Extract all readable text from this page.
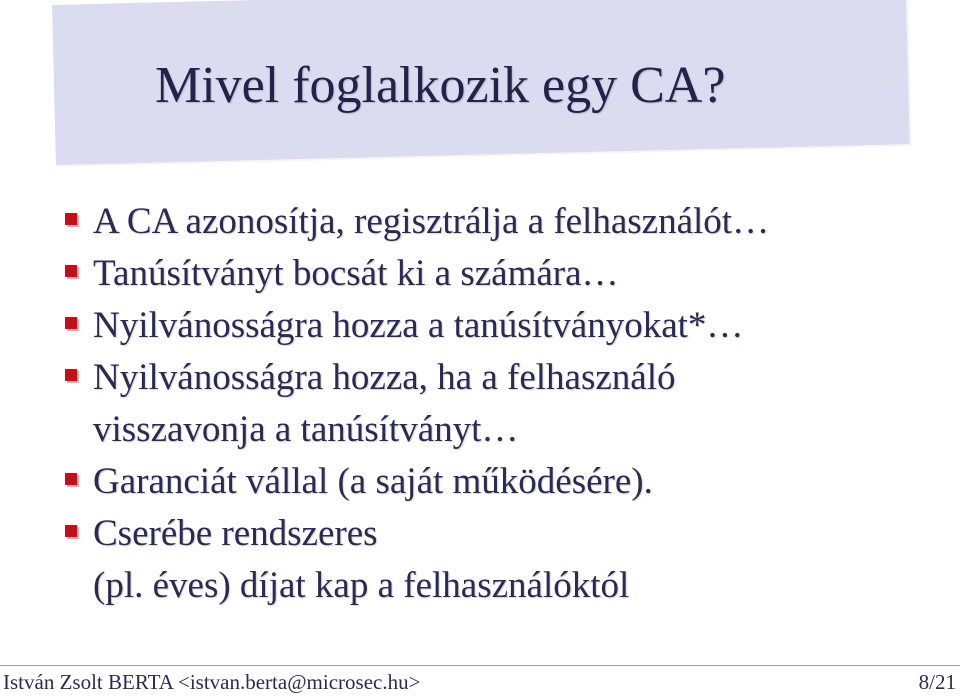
Mivel foglalkozik egy CA?
A CA azonosítja, regisztrálja a felhasználót…
Tanúsítványt bocsát ki a számára…
Nyilvánosságra hozza a tanúsítványokat*…
Nyilvánosságra hozza, ha a felhasználó
visszavonja a tanúsítványt…
Garanciát vállal (a saját működésére).
Cserébe rendszeres
(pl. éves) díjat kap a felhasználóktól
István Zsolt BERTA <istvan.berta@microsec.hu>	8/21
